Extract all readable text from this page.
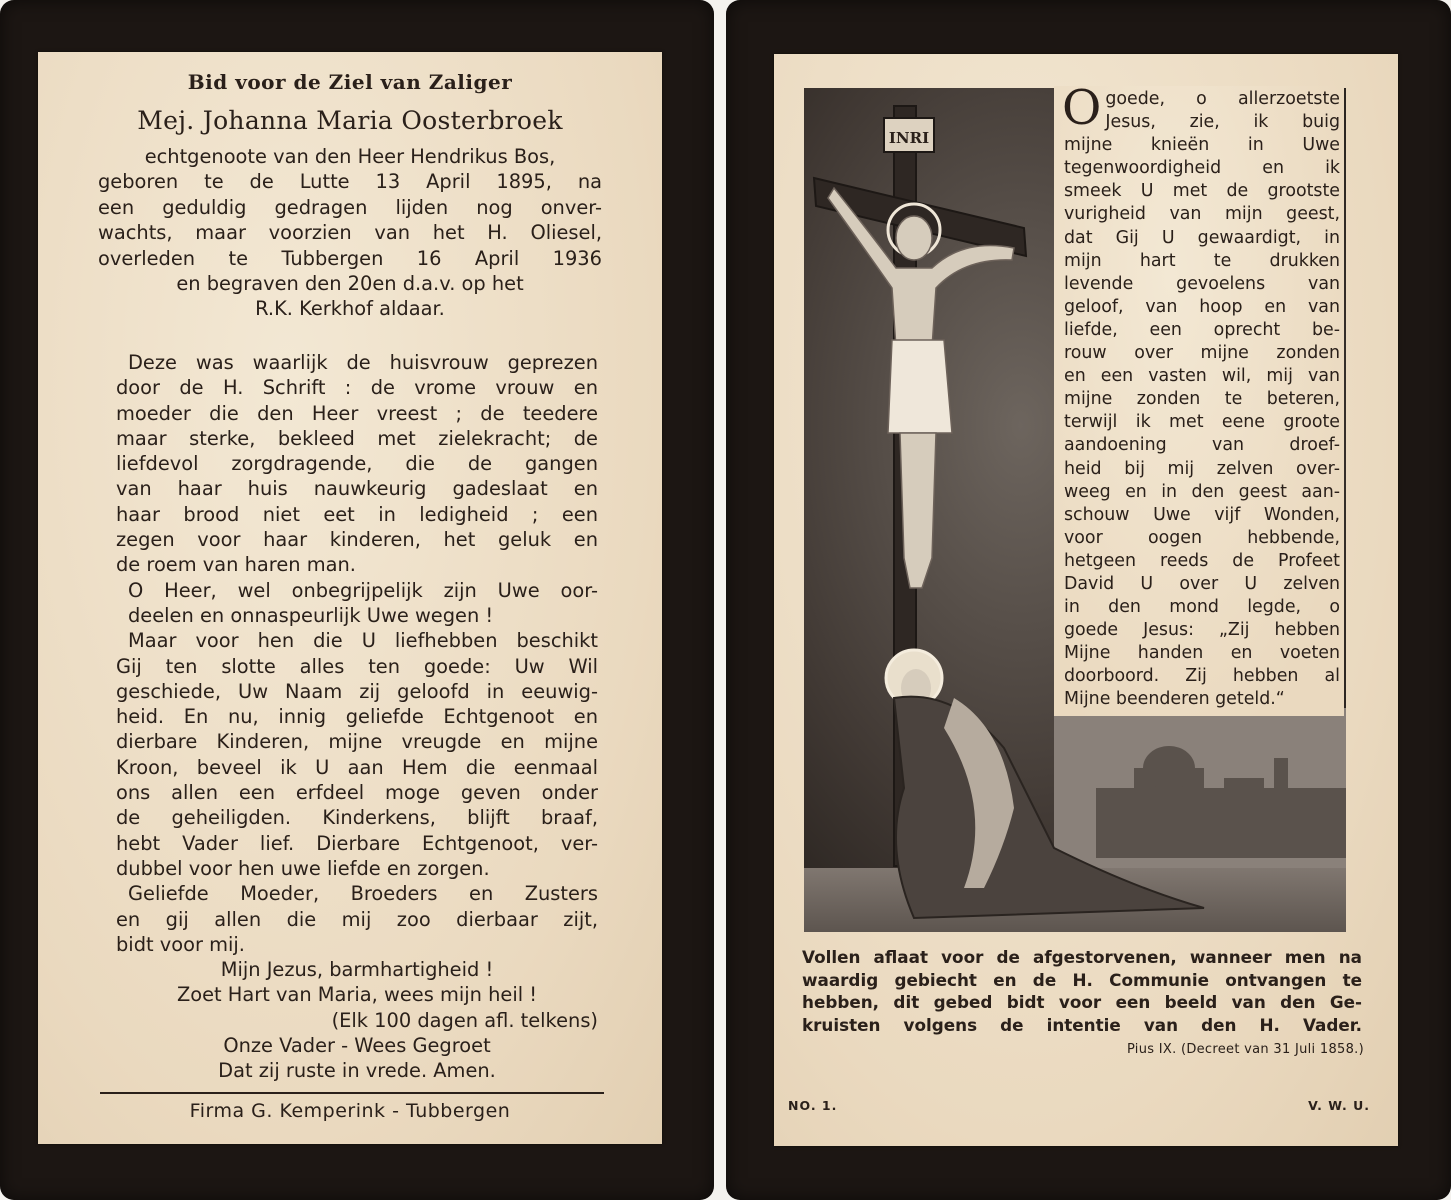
Bid voor de Ziel van Zaliger
Mej. Johanna Maria Oosterbroek
echtgenoote van den Heer Hendrikus Bos,
geboren te de Lutte 13 April 1895, na
een geduldig gedragen lijden nog onver-
wachts, maar voorzien van het H. Oliesel,
overleden te Tubbergen 16 April 1936
en begraven den 20en d.a.v. op het
R.K. Kerkhof aldaar.
Deze was waarlijk de huisvrouw geprezen
door de H. Schrift : de vrome vrouw en
moeder die den Heer vreest ; de teedere
maar sterke, bekleed met zielekracht; de
liefdevol zorgdragende, die de gangen
van haar huis nauwkeurig gadeslaat en
haar brood niet eet in ledigheid ; een
zegen voor haar kinderen, het geluk en
de roem van haren man.
O Heer, wel onbegrijpelijk zijn Uwe oor-
deelen en onnaspeurlijk Uwe wegen !
Maar voor hen die U liefhebben beschikt
Gij ten slotte alles ten goede: Uw Wil
geschiede, Uw Naam zij geloofd in eeuwig-
heid. En nu, innig geliefde Echtgenoot en
dierbare Kinderen, mijne vreugde en mijne
Kroon, beveel ik U aan Hem die eenmaal
ons allen een erfdeel moge geven onder
de geheiligden. Kinderkens, blijft braaf,
hebt Vader lief. Dierbare Echtgenoot, ver-
dubbel voor hen uwe liefde en zorgen.
Geliefde Moeder, Broeders en Zusters
en gij allen die mij zoo dierbaar zijt,
bidt voor mij.
Mijn Jezus, barmhartigheid !
Zoet Hart van Maria, wees mijn heil !
(Elk 100 dagen afl. telkens)
Onze Vader - Wees Gegroet
Dat zij ruste in vrede. Amen.
Firma G. Kemperink - Tubbergen
INRI
O goede, o allerzoetste
Jesus, zie, ik buig
mijne knieën in Uwe
tegenwoordigheid en ik
smeek U met de grootste
vurigheid van mijn geest,
dat Gij U gewaardigt, in
mijn hart te drukken
levende gevoelens van
geloof, van hoop en van
liefde, een oprecht be-
rouw over mijne zonden
en een vasten wil, mij van
mijne zonden te beteren,
terwijl ik met eene groote
aandoening van droef-
heid bij mij zelven over-
weeg en in den geest aan-
schouw Uwe vijf Wonden,
voor oogen hebbende,
hetgeen reeds de Profeet
David U over U zelven
in den mond legde, o
goede Jesus: „Zij hebben
Mijne handen en voeten
doorboord. Zij hebben al
Mijne beenderen geteld.“
Vollen aflaat voor de afgestorvenen, wanneer men na
waardig gebiecht en de H. Communie ontvangen te
hebben, dit gebed bidt voor een beeld van den Ge-
kruisten volgens de intentie van den H. Vader.
Pius IX. (Decreet van 31 Juli 1858.)
NO. 1.	V. W. U.
